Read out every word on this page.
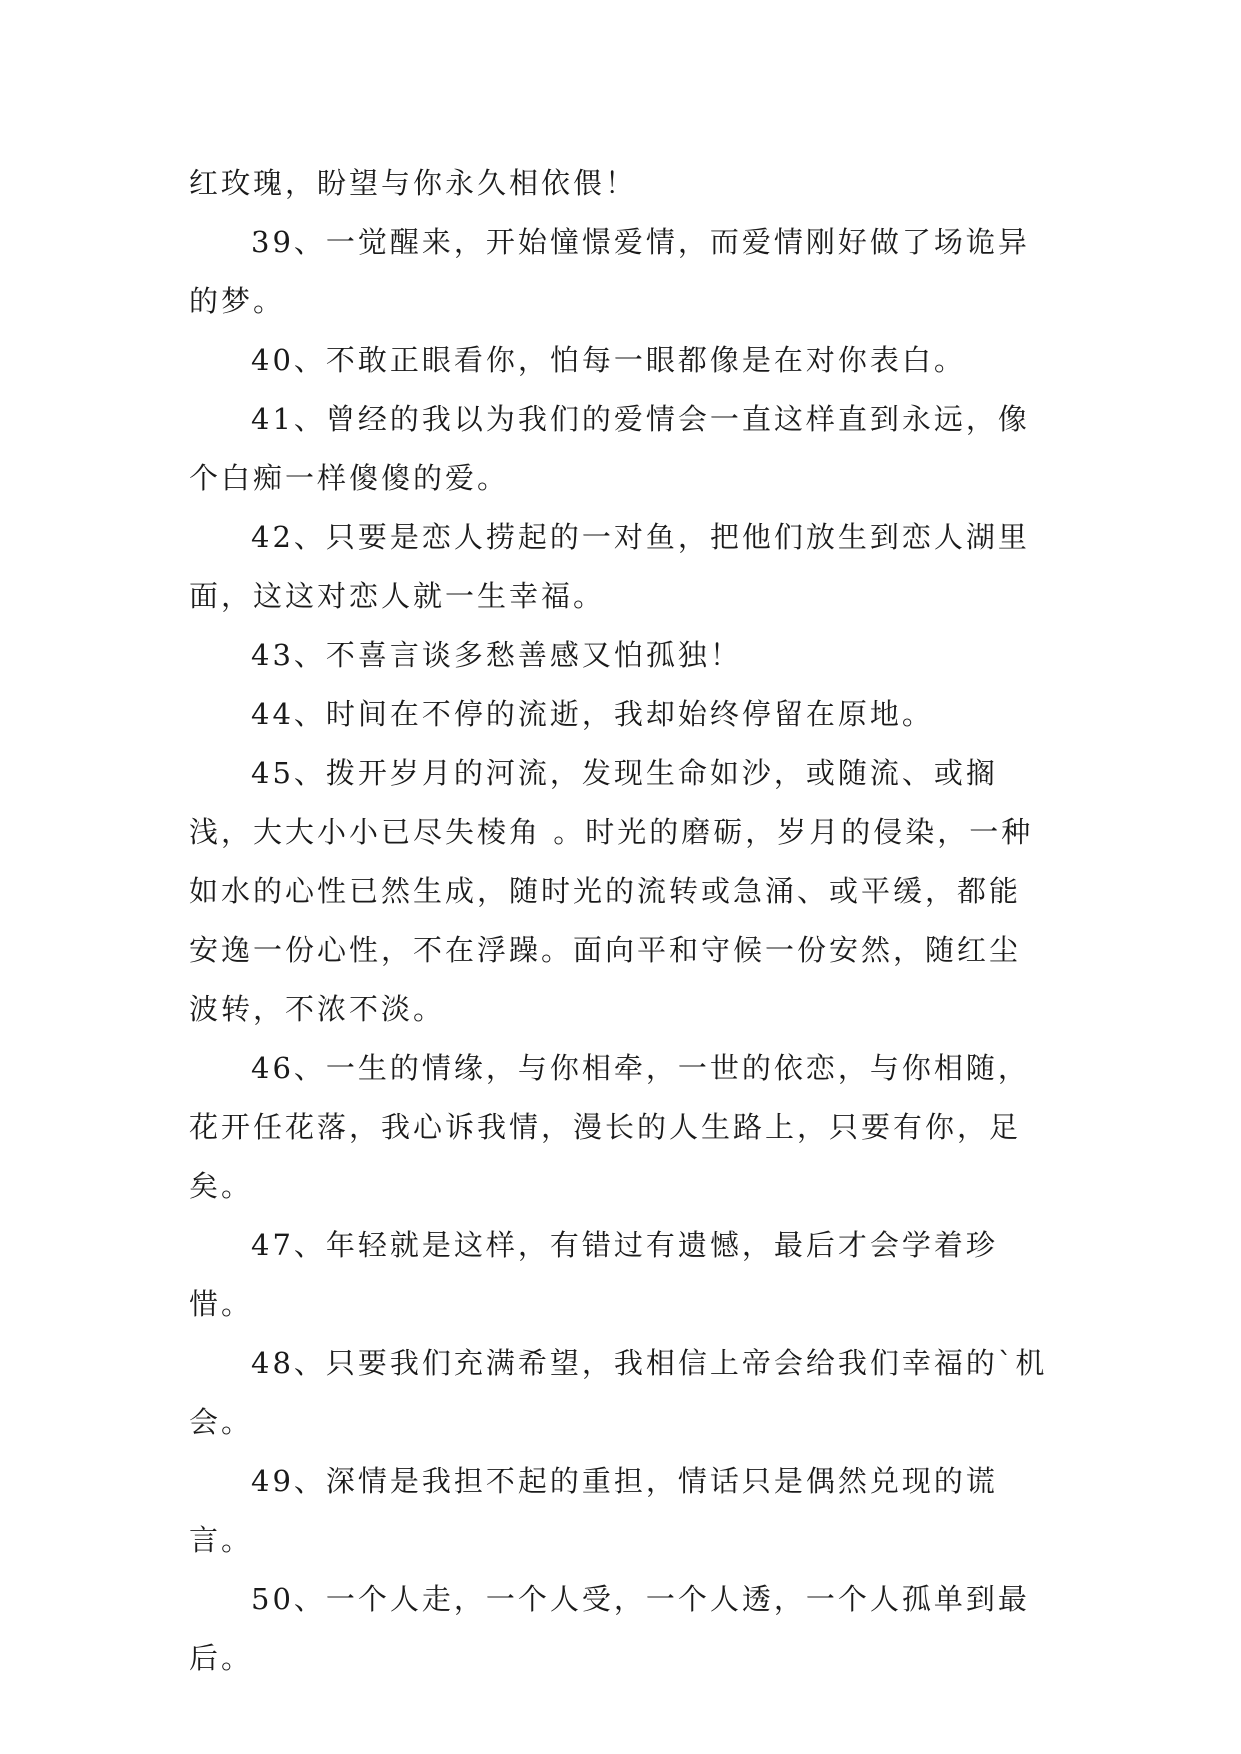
红玫瑰，盼望与你永久相依偎！

39、一觉醒来，开始憧憬爱情，而爱情刚好做了场诡异的梦。

40、不敢正眼看你，怕每一眼都像是在对你表白。

41、曾经的我以为我们的爱情会一直这样直到永远，像个白痴一样傻傻的爱。

42、只要是恋人捞起的一对鱼，把他们放生到恋人湖里面，这这对恋人就一生幸福。

43、不喜言谈多愁善感又怕孤独！

44、时间在不停的流逝，我却始终停留在原地。

45、拨开岁月的河流，发现生命如沙，或随流、或搁浅，大大小小已尽失棱角 。时光的磨砺，岁月的侵染，一种如水的心性已然生成，随时光的流转或急涌、或平缓，都能安逸一份心性，不在浮躁。面向平和守候一份安然，随红尘波转，不浓不淡。

46、一生的情缘，与你相牵，一世的依恋，与你相随，花开任花落，我心诉我情，漫长的人生路上，只要有你，足矣。

47、年轻就是这样，有错过有遗憾，最后才会学着珍惜。

48、只要我们充满希望，我相信上帝会给我们幸福的`机会。

49、深情是我担不起的重担，情话只是偶然兑现的谎言。

50、一个人走，一个人受，一个人透，一个人孤单到最后。
